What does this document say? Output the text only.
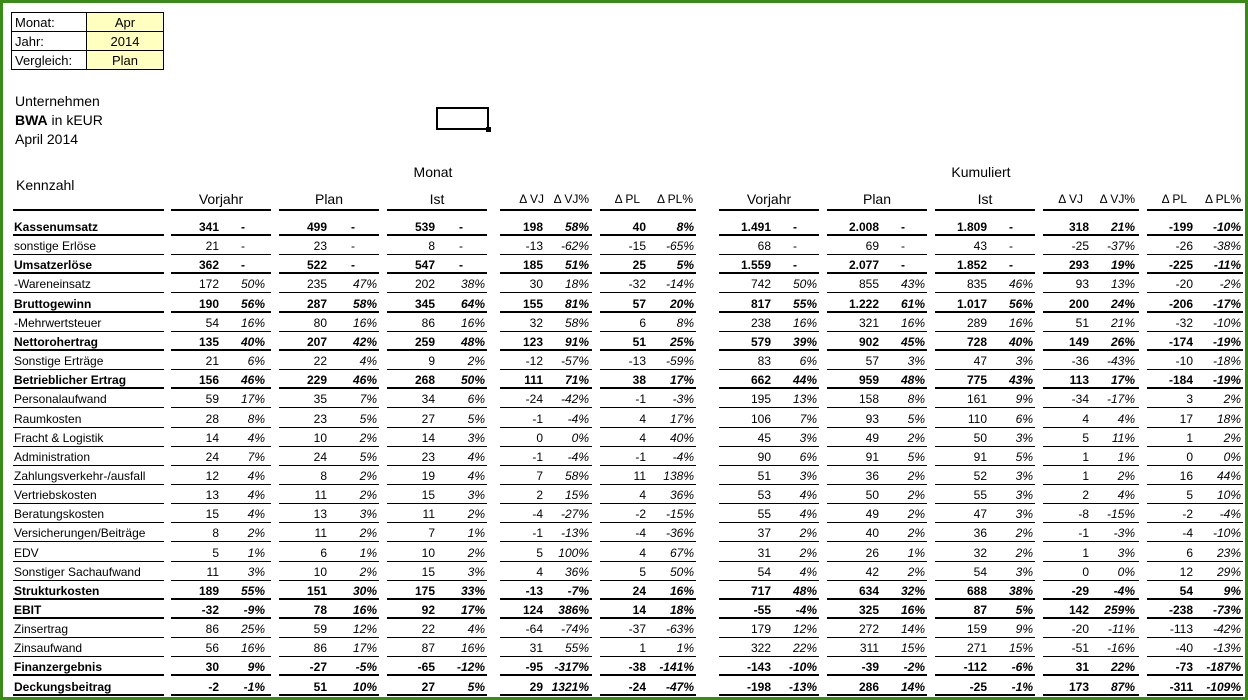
Monat:	Apr
Jahr:	2014
Vergleich:	Plan
Unternehmen
BWA in kEUR
April 2014
Monat	Kumuliert
Kennzahl
Vorjahr	Plan	Ist	Δ VJ Δ VJ%	Δ PL	Δ PL%	Vorjahr	Plan	Ist	Δ VJ	Δ VJ%	Δ PL	Δ PL%
Kassenumsatz	341	-	499	-	539	-	198	58%	40	8%	1.491	-	2.008	-	1.809	-	318	21%	-199	-10%
sonstige Erlöse	21	-	23	-	8	-	-13	-62%	-15	-65%	68	-	69	-	43	-	-25	-37%	-26	-38%
Umsatzerlöse	362	-	522	-	547	-	185	51%	25	5%	1.559	-	2.077	-	1.852	-	293	19%	-225	-11%
-Wareneinsatz	172	50%	235	47%	202	38%	30	18%	-32	-14%	742	50%	855	43%	835	46%	93	13%	-20	-2%
Bruttogewinn	190	56%	287	58%	345	64%	155	81%	57	20%	817	55%	1.222	61%	1.017	56%	200	24%	-206	-17%
-Mehrwertsteuer	54	16%	80	16%	86	16%	32	58%	6	8%	238	16%	321	16%	289	16%	51	21%	-32	-10%
Nettorohertrag	135	40%	207	42%	259	48%	123	91%	51	25%	579	39%	902	45%	728	40%	149	26%	-174	-19%
Sonstige Erträge	21	6%	22	4%	9	2%	-12	-57%	-13	-59%	83	6%	57	3%	47	3%	-36	-43%	-10	-18%
Betrieblicher Ertrag	156	46%	229	46%	268	50%	111	71%	38	17%	662	44%	959	48%	775	43%	113	17%	-184	-19%
Personalaufwand	59	17%	35	7%	34	6%	-24	-42%	-1	-3%	195	13%	158	8%	161	9%	-34	-17%	3	2%
Raumkosten	28	8%	23	5%	27	5%	-1	-4%	4	17%	106	7%	93	5%	110	6%	4	4%	17	18%
Fracht & Logistik	14	4%	10	2%	14	3%	0	0%	4	40%	45	3%	49	2%	50	3%	5	11%	1	2%
Administration	24	7%	24	5%	23	4%	-1	-4%	-1	-4%	90	6%	91	5%	91	5%	1	1%	0	0%
Zahlungsverkehr-/ausfall	12	4%	8	2%	19	4%	7	58%	11	138%	51	3%	36	2%	52	3%	1	2%	16	44%
Vertriebskosten	13	4%	11	2%	15	3%	2	15%	4	36%	53	4%	50	2%	55	3%	2	4%	5	10%
Beratungskosten	15	4%	13	3%	11	2%	-4	-27%	-2	-15%	55	4%	49	2%	47	3%	-8	-15%	-2	-4%
Versicherungen/Beiträge	8	2%	11	2%	7	1%	-1	-13%	-4	-36%	37	2%	40	2%	36	2%	-1	-3%	-4	-10%
EDV	5	1%	6	1%	10	2%	5	100%	4	67%	31	2%	26	1%	32	2%	1	3%	6	23%
Sonstiger Sachaufwand	11	3%	10	2%	15	3%	4	36%	5	50%	54	4%	42	2%	54	3%	0	0%	12	29%
Strukturkosten	189	55%	151	30%	175	33%	-13	-7%	24	16%	717	48%	634	32%	688	38%	-29	-4%	54	9%
EBIT	-32	-9%	78	16%	92	17%	124	386%	14	18%	-55	-4%	325	16%	87	5%	142	259%	-238	-73%
Zinsertrag	86	25%	59	12%	22	4%	-64	-74%	-37	-63%	179	12%	272	14%	159	9%	-20	-11%	-113	-42%
Zinsaufwand	56	16%	86	17%	87	16%	31	55%	1	1%	322	22%	311	15%	271	15%	-51	-16%	-40	-13%
Finanzergebnis	30	9%	-27	-5%	-65	-12%	-95 -317%	-38	-141%	-143	-10%	-39	-2%	-112	-6%	31	22%	-73	-187%
Deckungsbeitrag	-2	-1%	51	10%	27	5%	29 1321%	-24	-47%	-198	-13%	286	14%	-25	-1%	173	87%	-311	-109%
